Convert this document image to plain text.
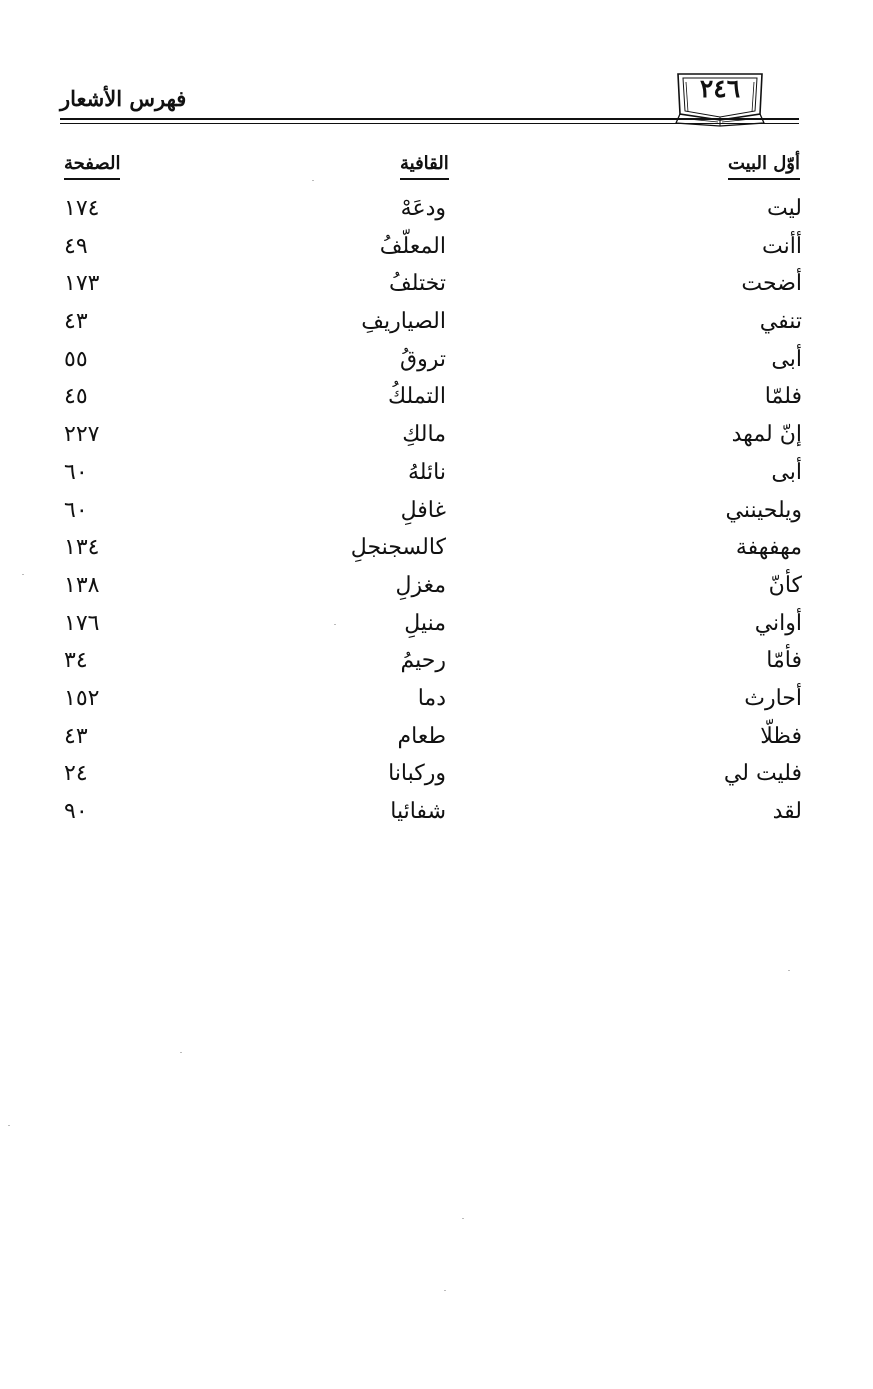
فهرس الأشعار	٢٤٦
أوّل البيت
القافية
الصفحة
ليت
ودعَهْ
١٧٤
أأنت
المعلّفُ
٤٩
أضحت
تختلفُ
١٧٣
تنفي
الصياريفِ
٤٣
أبى
تروقُ
٥٥
فلمّا
التملكُ
٤٥
إنّ لمهد
مالكِ
٢٢٧
أبى
نائلهُ
٦٠
ويلحينني
غافلِ
٦٠
مهفهفة
كالسجنجلِ
١٣٤
كأنّ
مغزلِ
١٣٨
أواني
منيلِ
١٧٦
فأمّا
رحيمُ
٣٤
أحارث
دما
١٥٢
فظلّا
طعام
٤٣
فليت لي
وركبانا
٢٤
لقد
شفائيا
٩٠
